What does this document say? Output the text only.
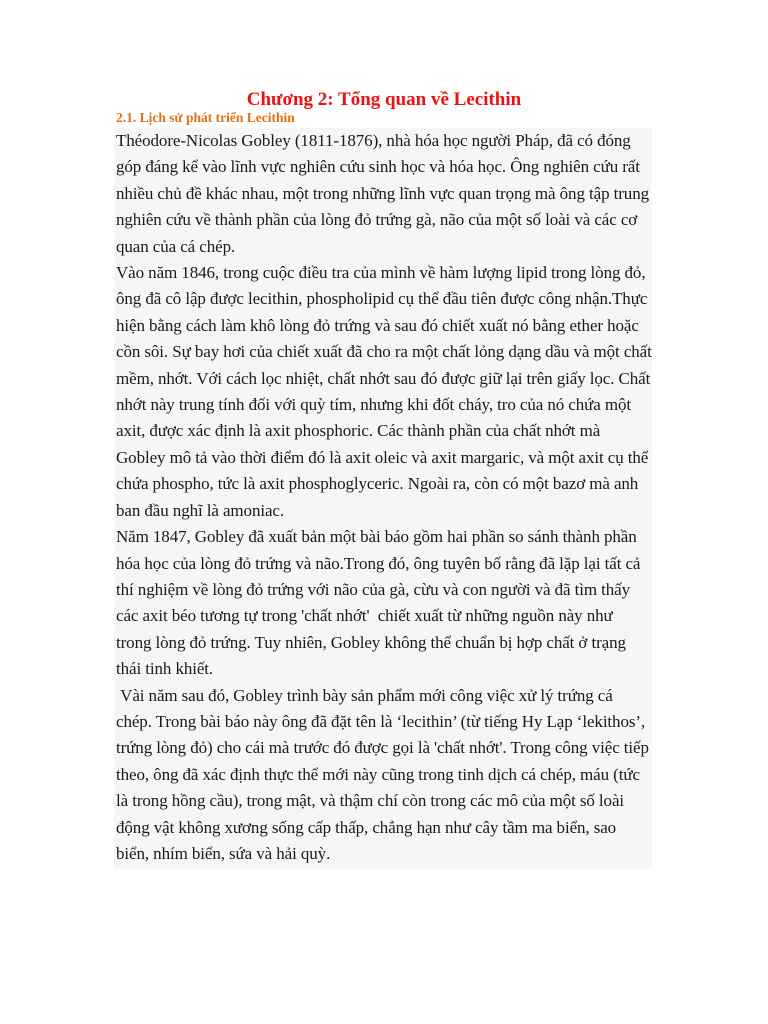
Chương 2: Tổng quan về Lecithin
2.1. Lịch sử phát triển Lecithin

Théodore-Nicolas Gobley (1811-1876), nhà hóa học người Pháp, đã có đóng góp đáng kể vào lĩnh vực nghiên cứu sinh học và hóa học. Ông nghiên cứu rất nhiều chủ đề khác nhau, một trong những lĩnh vực quan trọng mà ông tập trung nghiên cứu về thành phần của lòng đỏ trứng gà, não của một số loài và các cơ quan của cá chép.

Vào năm 1846, trong cuộc điều tra của mình về hàm lượng lipid trong lòng đỏ, ông đã cô lập được lecithin, phospholipid cụ thể đầu tiên được công nhận.Thực hiện bằng cách làm khô lòng đỏ trứng và sau đó chiết xuất nó bằng ether hoặc cồn sôi. Sự bay hơi của chiết xuất đã cho ra một chất lỏng dạng dầu và một chất mềm, nhớt. Với cách lọc nhiệt, chất nhớt sau đó được giữ lại trên giấy lọc. Chất nhớt này trung tính đối với quỳ tím, nhưng khi đốt cháy, tro của nó chứa một axit, được xác định là axit phosphoric. Các thành phần của chất nhớt mà Gobley mô tả vào thời điểm đó là axit oleic và axit margaric, và một axit cụ thể chứa phospho, tức là axit phosphoglyceric. Ngoài ra, còn có một bazơ mà anh ban đầu nghĩ là amoniac.

Năm 1847, Gobley đã xuất bản một bài báo gồm hai phần so sánh thành phần hóa học của lòng đỏ trứng và não.Trong đó, ông tuyên bố rằng đã lặp lại tất cả thí nghiệm về lòng đỏ trứng với não của gà, cừu và con người và đã tìm thấy các axit béo tương tự trong 'chất nhớt'  chiết xuất từ những nguồn này như trong lòng đỏ trứng. Tuy nhiên, Gobley không thể chuẩn bị hợp chất ở trạng thái tinh khiết.

Vài năm sau đó, Gobley trình bày sản phẩm mới công việc xử lý trứng cá chép. Trong bài báo này ông đã đặt tên là ‘lecithin’ (từ tiếng Hy Lạp ‘lekithos’, trứng lòng đỏ) cho cái mà trước đó được gọi là 'chất nhớt'. Trong công việc tiếp theo, ông đã xác định thực thể mới này cũng trong tinh dịch cá chép, máu (tức là trong hồng cầu), trong mật, và thậm chí còn trong các mô của một số loài động vật không xương sống cấp thấp, chẳng hạn như cây tầm ma biển, sao biển, nhím biển, sứa và hải quỳ.
